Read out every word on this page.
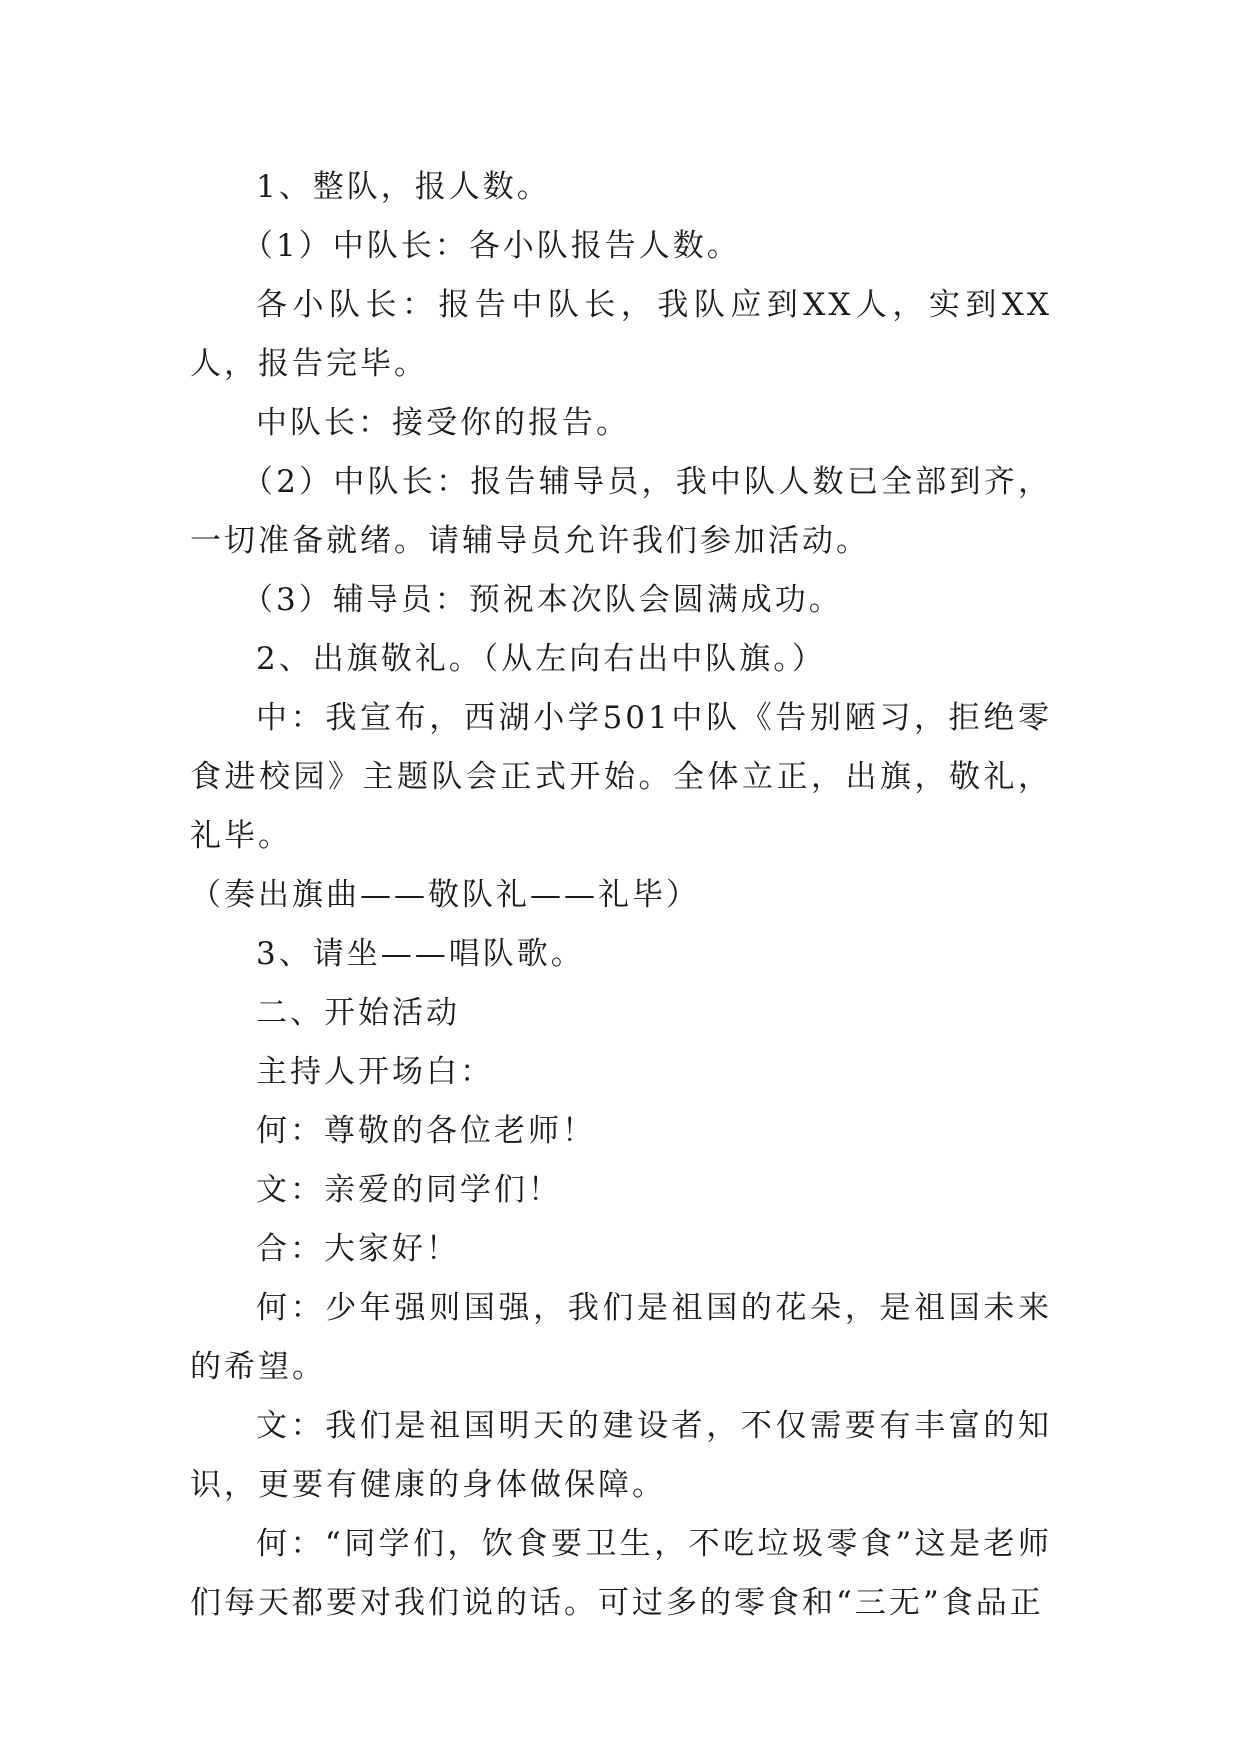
1、整队，报人数。

（1）中队长：各小队报告人数。

各小队长：报告中队长，我队应到XX人，实到XX人，报告完毕。

中队长：接受你的报告。

（2）中队长：报告辅导员，我中队人数已全部到齐，一切准备就绪。请辅导员允许我们参加活动。

（3）辅导员：预祝本次队会圆满成功。

2、出旗敬礼。（从左向右出中队旗。）

中：我宣布，西湖小学501中队《告别陋习，拒绝零食进校园》主题队会正式开始。全体立正，出旗，敬礼，礼毕。

（奏出旗曲——敬队礼——礼毕）

3、请坐——唱队歌。

二、开始活动

主持人开场白：

何：尊敬的各位老师！

文：亲爱的同学们！

合：大家好！

何：少年强则国强，我们是祖国的花朵，是祖国未来的希望。

文：我们是祖国明天的建设者，不仅需要有丰富的知识，更要有健康的身体做保障。

何：“同学们，饮食要卫生，不吃垃圾零食”这是老师们每天都要对我们说的话。可过多的零食和“三无”食品正
